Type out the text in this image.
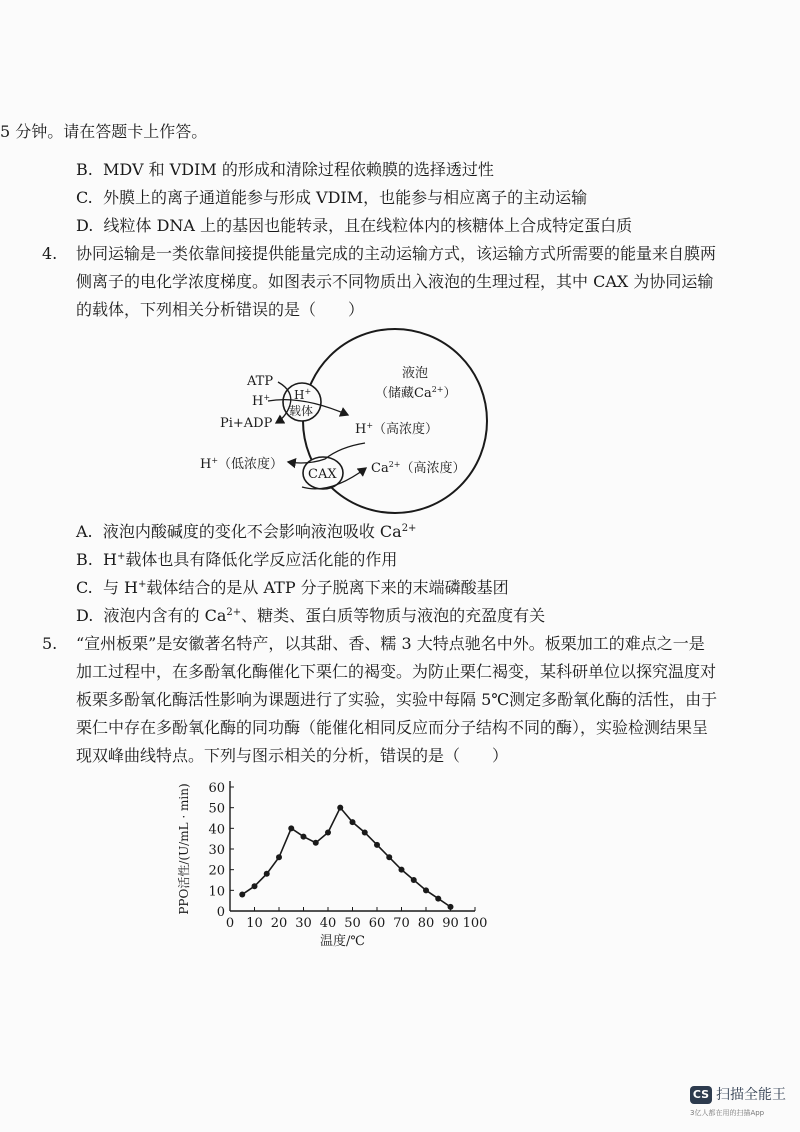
5 分钟。请在答题卡上作答。
B. MDV 和 VDIM 的形成和清除过程依赖膜的选择透过性
C. 外膜上的离子通道能参与形成 VDIM，也能参与相应离子的主动运输
D. 线粒体 DNA 上的基因也能转录，且在线粒体内的核糖体上合成特定蛋白质
4. 协同运输是一类依靠间接提供能量完成的主动运输方式，该运输方式所需要的能量来自膜两
侧离子的电化学浓度梯度。如图表示不同物质出入液泡的生理过程，其中 CAX 为协同运输
的载体，下列相关分析错误的是（　　）
液泡
（储藏$Ca^{2+}$）
H+
载体
ATP
H+
Pi+ADP	H+（高浓度）
CAX	$Ca^{2+}$（高浓度）
H+（低浓度）
A. 液泡内酸碱度的变化不会影响液泡吸收 $Ca^{2+}$
B. H+载体也具有降低化学反应活化能的作用
C. 与 H+载体结合的是从 ATP 分子脱离下来的末端磷酸基团
D. 液泡内含有的 $Ca^{2+}$、糖类、蛋白质等物质与液泡的充盈度有关
5. “宣州板栗”是安徽著名特产，以其甜、香、糯 3 大特点驰名中外。板栗加工的难点之一是
加工过程中，在多酚氧化酶催化下栗仁的褐变。为防止栗仁褐变，某科研单位以探究温度对
板栗多酚氧化酶活性影响为课题进行了实验，实验中每隔 5℃测定多酚氧化酶的活性，由于
栗仁中存在多酚氧化酶的同功酶（能催化相同反应而分子结构不同的酶），实验检测结果呈
现双峰曲线特点。下列与图示相关的分析，错误的是（　　）
0 10 20 30 40 50 60 70 80 90 100
0
10
20
30
40
50
60
温度/℃
PPO活性/(U/mL · min)
CS 扫描全能王
3亿人都在用的扫描App
